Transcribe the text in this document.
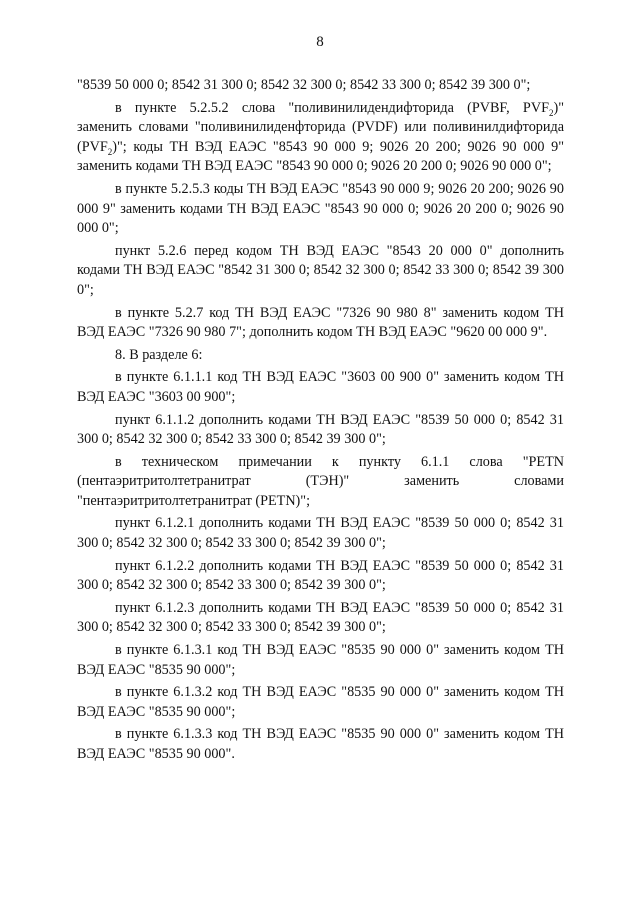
8

"8539 50 000 0; 8542 31 300 0; 8542 32 300 0; 8542 33 300 0; 8542 39 300 0";

в пункте 5.2.5.2 слова "поливинилидендифторида (PVBF, $PVF_2$)" заменить словами "поливинилиденфторида (PVDF) или поливинилдифторида $(PVF_2)$"; коды ТН ВЭД ЕАЭС "8543 90 000 9; 9026 20 200; 9026 90 000 9" заменить кодами ТН ВЭД ЕАЭС "8543 90 000 0; 9026 20 200 0; 9026 90 000 0";

в пункте 5.2.5.3 коды ТН ВЭД ЕАЭС "8543 90 000 9; 9026 20 200; 9026 90 000 9" заменить кодами ТН ВЭД ЕАЭС "8543 90 000 0; 9026 20 200 0; 9026 90 000 0";

пункт 5.2.6 перед кодом ТН ВЭД ЕАЭС "8543 20 000 0" дополнить кодами ТН ВЭД ЕАЭС "8542 31 300 0; 8542 32 300 0; 8542 33 300 0; 8542 39 300 0";

в пункте 5.2.7 код ТН ВЭД ЕАЭС "7326 90 980 8" заменить кодом ТН ВЭД ЕАЭС "7326 90 980 7"; дополнить кодом ТН ВЭД ЕАЭС "9620 00 000 9".

8. В разделе 6:

в пункте 6.1.1.1 код ТН ВЭД ЕАЭС "3603 00 900 0" заменить кодом ТН ВЭД ЕАЭС "3603 00 900";

пункт 6.1.1.2 дополнить кодами ТН ВЭД ЕАЭС "8539 50 000 0; 8542 31 300 0; 8542 32 300 0; 8542 33 300 0; 8542 39 300 0";

в техническом примечании к пункту 6.1.1 слова "PETN (пентаэритритолтетранитрат (ТЭН)" заменить словами "пентаэритритолтетранитрат (PETN)";

пункт 6.1.2.1 дополнить кодами ТН ВЭД ЕАЭС "8539 50 000 0; 8542 31 300 0; 8542 32 300 0; 8542 33 300 0; 8542 39 300 0";

пункт 6.1.2.2 дополнить кодами ТН ВЭД ЕАЭС "8539 50 000 0; 8542 31 300 0; 8542 32 300 0; 8542 33 300 0; 8542 39 300 0";

пункт 6.1.2.3 дополнить кодами ТН ВЭД ЕАЭС "8539 50 000 0; 8542 31 300 0; 8542 32 300 0; 8542 33 300 0; 8542 39 300 0";

в пункте 6.1.3.1 код ТН ВЭД ЕАЭС "8535 90 000 0" заменить кодом ТН ВЭД ЕАЭС "8535 90 000";

в пункте 6.1.3.2 код ТН ВЭД ЕАЭС "8535 90 000 0" заменить кодом ТН ВЭД ЕАЭС "8535 90 000";

в пункте 6.1.3.3 код ТН ВЭД ЕАЭС "8535 90 000 0" заменить кодом ТН ВЭД ЕАЭС "8535 90 000".
